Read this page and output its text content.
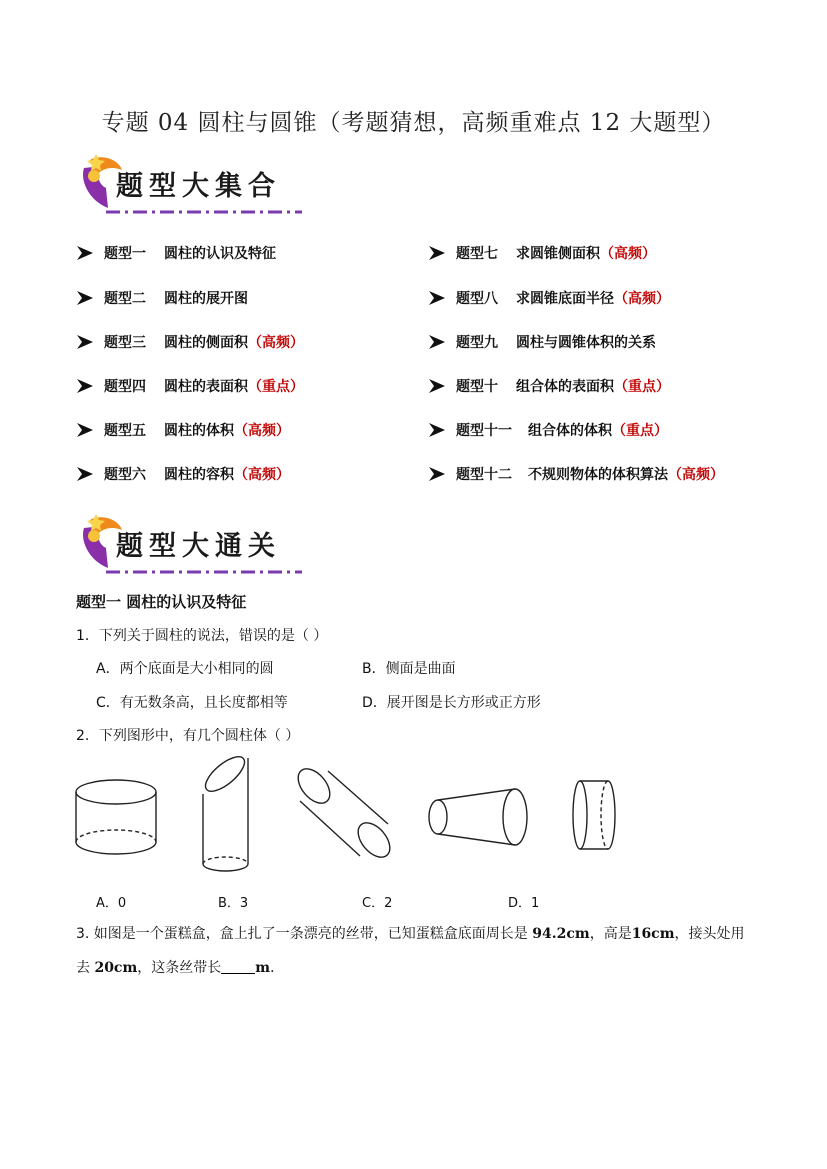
专题 04 圆柱与圆锥（考题猜想，高频重难点 12 大题型）
题型大集合
题型大通关
题型一	圆柱的认识及特征
题型二	圆柱的展开图
题型三	圆柱的侧面积 （高频）
题型四	圆柱的表面积 （重点）
题型五	圆柱的体积 （高频）
题型六	圆柱的容积 （高频）
题型七	求圆锥侧面积 （高频）
题型八	求圆锥底面半径 （高频）
题型九	圆柱与圆锥体积的关系
题型十	组合体的表面积 （重点）
题型十一	组合体的体积 （重点）
题型十二	不规则物体的体积算法 （高频）
题型一 圆柱的认识及特征
1．下列关于圆柱的说法，错误的是（ ）
A．两个底面是大小相同的圆	B．侧面是曲面
C．有无数条高，且长度都相等	D．展开图是长方形或正方形
2．下列图形中，有几个圆柱体（ ）
A．0	B．3	C．2	D．1
3. 如图是一个蛋糕盒，盒上扎了一条漂亮的丝带，已知蛋糕盒底面周长是 94.2cm，高是16cm，接头处用
去 20cm，这条丝带长 m．
